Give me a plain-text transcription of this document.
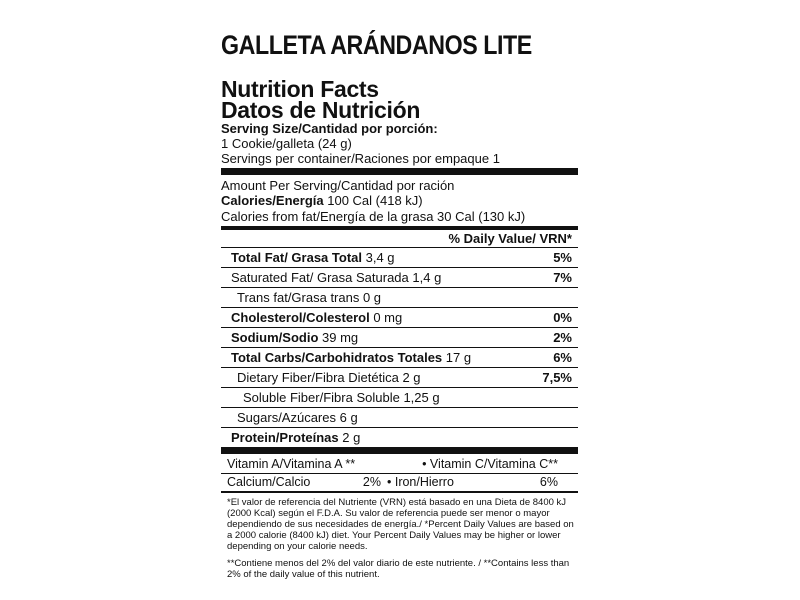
GALLETA ARÁNDANOS LITE
Nutrition Facts
Datos de Nutrición
Serving Size/Cantidad por porción:
1 Cookie/galleta (24 g)
Servings per container/Raciones por empaque 1
Amount Per Serving/Cantidad por ración
Calories/Energía 100 Cal (418 kJ)
Calories from fat/Energía de la grasa 30 Cal (130 kJ)
% Daily Value/ VRN*
Total Fat/ Grasa Total 3,4 g	5%
Saturated Fat/ Grasa Saturada 1,4 g	7%
Trans fat/Grasa trans 0 g
Cholesterol/Colesterol 0 mg	0%
Sodium/Sodio 39 mg	2%
Total Carbs/Carbohidratos Totales 17 g	6%
Dietary Fiber/Fibra Dietética 2 g	7,5%
Soluble Fiber/Fibra Soluble 1,25 g
Sugars/Azúcares 6 g
Protein/Proteínas 2 g
Vitamin A/Vitamina A **	• Vitamin C/Vitamina C **
Calcium/Calcio	2% • Iron/Hierro	6%

*El valor de referencia del Nutriente (VRN) está basado en una Dieta de 8400 kJ (2000 Kcal) según el F.D.A. Su valor de referencia puede ser menor o mayor dependiendo de sus necesidades de energía./ *Percent Daily Values are based on a 2000 calorie (8400 kJ) diet. Your Percent Daily Values may be higher or lower depending on your calorie needs.

**Contiene menos del 2% del valor diario de este nutriente. / **Contains less than 2% of the daily value of this nutrient.
